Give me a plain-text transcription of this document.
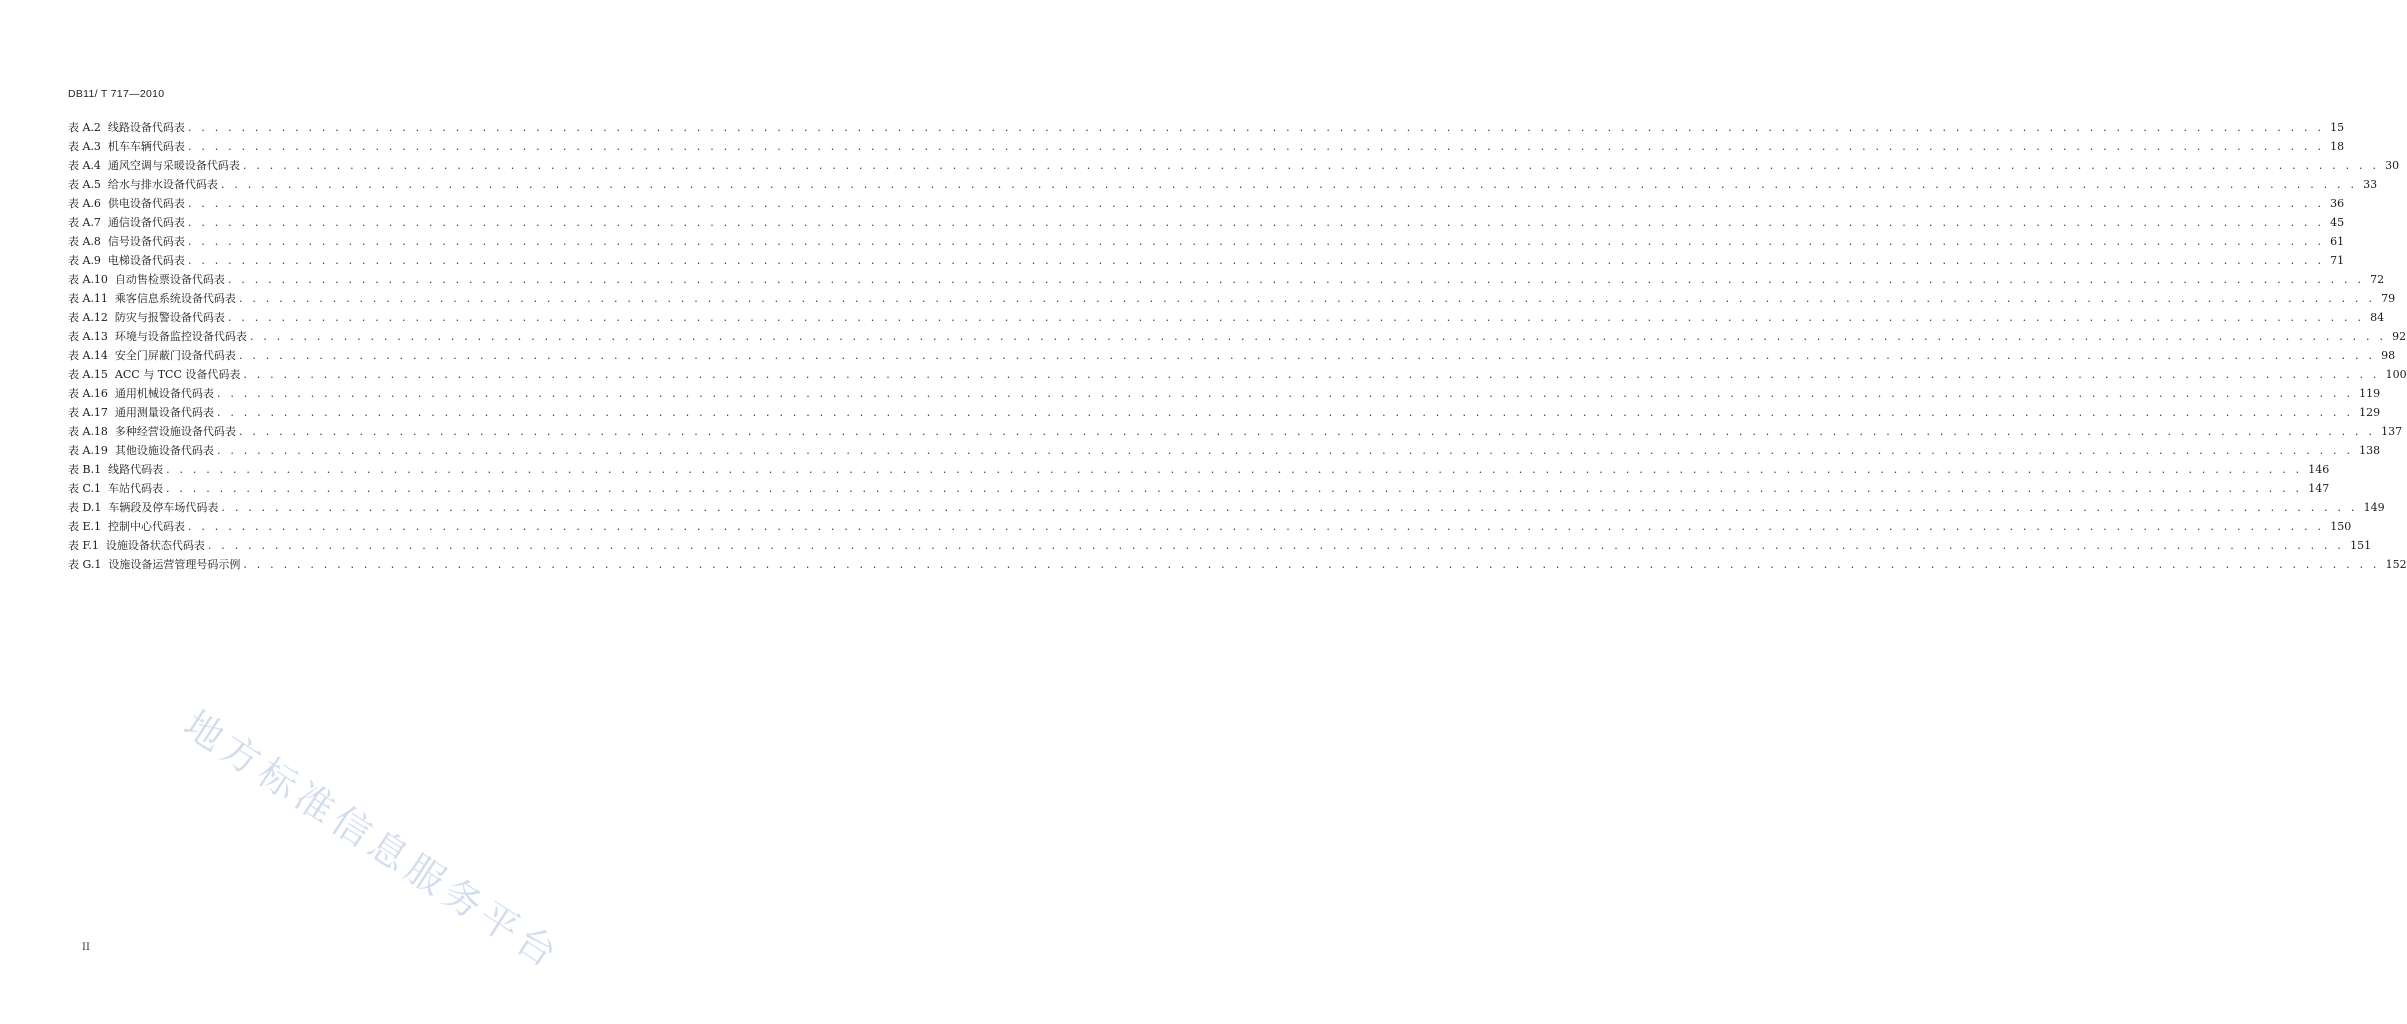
DB11/ T 717—2010
表 A.2  线路设备代码表 . . . . . . . . . . . . . . . . . . . . . . . . . . . . . . . . . . . . . . . . . . . . . . . . . . . . . . . . . . . . . . . . . . . . . . . . . . . . . . . . . . . . . . . . . . . . . . . . . . . . . . . . . . . . . . . . . . . . . . . . . . . . . . . . . . . . . . . . . . . . . . . . . . . . . . . . . . . . . . . . 15
表 A.3  机车车辆代码表 . . . . . . . . . . . . . . . . . . . . . . . . . . . . . . . . . . . . . . . . . . . . . . . . . . . . . . . . . . . . . . . . . . . . . . . . . . . . . . . . . . . . . . . . . . . . . . . . . . . . . . . . . . . . . . . . . . . . . . . . . . . . . . . . . . . . . . . . . . . . . . . . . . . . . . . . . . . . . . . . 18
表 A.4  通风空调与采暖设备代码表 . . . . . . . . . . . . . . . . . . . . . . . . . . . . . . . . . . . . . . . . . . . . . . . . . . . . . . . . . . . . . . . . . . . . . . . . . . . . . . . . . . . . . . . . . . . . . . . . . . . . . . . . . . . . . . . . . . . . . . . . . . . . . . . . . . . . . . . . . . . . . . . . . . . . . . . . . . . . . . . . 30
表 A.5  给水与排水设备代码表 . . . . . . . . . . . . . . . . . . . . . . . . . . . . . . . . . . . . . . . . . . . . . . . . . . . . . . . . . . . . . . . . . . . . . . . . . . . . . . . . . . . . . . . . . . . . . . . . . . . . . . . . . . . . . . . . . . . . . . . . . . . . . . . . . . . . . . . . . . . . . . . . . . . . . . . . . . . . . . . . 33
表 A.6  供电设备代码表 . . . . . . . . . . . . . . . . . . . . . . . . . . . . . . . . . . . . . . . . . . . . . . . . . . . . . . . . . . . . . . . . . . . . . . . . . . . . . . . . . . . . . . . . . . . . . . . . . . . . . . . . . . . . . . . . . . . . . . . . . . . . . . . . . . . . . . . . . . . . . . . . . . . . . . . . . . . . . . . . 36
表 A.7  通信设备代码表 . . . . . . . . . . . . . . . . . . . . . . . . . . . . . . . . . . . . . . . . . . . . . . . . . . . . . . . . . . . . . . . . . . . . . . . . . . . . . . . . . . . . . . . . . . . . . . . . . . . . . . . . . . . . . . . . . . . . . . . . . . . . . . . . . . . . . . . . . . . . . . . . . . . . . . . . . . . . . . . . 45
表 A.8  信号设备代码表 . . . . . . . . . . . . . . . . . . . . . . . . . . . . . . . . . . . . . . . . . . . . . . . . . . . . . . . . . . . . . . . . . . . . . . . . . . . . . . . . . . . . . . . . . . . . . . . . . . . . . . . . . . . . . . . . . . . . . . . . . . . . . . . . . . . . . . . . . . . . . . . . . . . . . . . . . . . . . . . . 61
表 A.9  电梯设备代码表 . . . . . . . . . . . . . . . . . . . . . . . . . . . . . . . . . . . . . . . . . . . . . . . . . . . . . . . . . . . . . . . . . . . . . . . . . . . . . . . . . . . . . . . . . . . . . . . . . . . . . . . . . . . . . . . . . . . . . . . . . . . . . . . . . . . . . . . . . . . . . . . . . . . . . . . . . . . . . . . . 71
表 A.10  自动售检票设备代码表 . . . . . . . . . . . . . . . . . . . . . . . . . . . . . . . . . . . . . . . . . . . . . . . . . . . . . . . . . . . . . . . . . . . . . . . . . . . . . . . . . . . . . . . . . . . . . . . . . . . . . . . . . . . . . . . . . . . . . . . . . . . . . . . . . . . . . . . . . . . . . . . . . . . . . . . . . . . . . . . . 72
表 A.11  乘客信息系统设备代码表 . . . . . . . . . . . . . . . . . . . . . . . . . . . . . . . . . . . . . . . . . . . . . . . . . . . . . . . . . . . . . . . . . . . . . . . . . . . . . . . . . . . . . . . . . . . . . . . . . . . . . . . . . . . . . . . . . . . . . . . . . . . . . . . . . . . . . . . . . . . . . . . . . . . . . . . . . . . . . . . . 79
表 A.12  防灾与报警设备代码表 . . . . . . . . . . . . . . . . . . . . . . . . . . . . . . . . . . . . . . . . . . . . . . . . . . . . . . . . . . . . . . . . . . . . . . . . . . . . . . . . . . . . . . . . . . . . . . . . . . . . . . . . . . . . . . . . . . . . . . . . . . . . . . . . . . . . . . . . . . . . . . . . . . . . . . . . . . . . . . . . 84
表 A.13  环境与设备监控设备代码表 . . . . . . . . . . . . . . . . . . . . . . . . . . . . . . . . . . . . . . . . . . . . . . . . . . . . . . . . . . . . . . . . . . . . . . . . . . . . . . . . . . . . . . . . . . . . . . . . . . . . . . . . . . . . . . . . . . . . . . . . . . . . . . . . . . . . . . . . . . . . . . . . . . . . . . . . . . . . . . . . 92
表 A.14  安全门屏蔽门设备代码表 . . . . . . . . . . . . . . . . . . . . . . . . . . . . . . . . . . . . . . . . . . . . . . . . . . . . . . . . . . . . . . . . . . . . . . . . . . . . . . . . . . . . . . . . . . . . . . . . . . . . . . . . . . . . . . . . . . . . . . . . . . . . . . . . . . . . . . . . . . . . . . . . . . . . . . . . . . . . . . . . 98
表 A.15  ACC 与 TCC 设备代码表 . . . . . . . . . . . . . . . . . . . . . . . . . . . . . . . . . . . . . . . . . . . . . . . . . . . . . . . . . . . . . . . . . . . . . . . . . . . . . . . . . . . . . . . . . . . . . . . . . . . . . . . . . . . . . . . . . . . . . . . . . . . . . . . . . . . . . . . . . . . . . . . . . . . . . . . . . . . . . . . . 100
表 A.16  通用机械设备代码表 . . . . . . . . . . . . . . . . . . . . . . . . . . . . . . . . . . . . . . . . . . . . . . . . . . . . . . . . . . . . . . . . . . . . . . . . . . . . . . . . . . . . . . . . . . . . . . . . . . . . . . . . . . . . . . . . . . . . . . . . . . . . . . . . . . . . . . . . . . . . . . . . . . . . . . . . . . . . . . . . 119
表 A.17  通用测量设备代码表 . . . . . . . . . . . . . . . . . . . . . . . . . . . . . . . . . . . . . . . . . . . . . . . . . . . . . . . . . . . . . . . . . . . . . . . . . . . . . . . . . . . . . . . . . . . . . . . . . . . . . . . . . . . . . . . . . . . . . . . . . . . . . . . . . . . . . . . . . . . . . . . . . . . . . . . . . . . . . . . . 129
表 A.18  多种经营设施设备代码表 . . . . . . . . . . . . . . . . . . . . . . . . . . . . . . . . . . . . . . . . . . . . . . . . . . . . . . . . . . . . . . . . . . . . . . . . . . . . . . . . . . . . . . . . . . . . . . . . . . . . . . . . . . . . . . . . . . . . . . . . . . . . . . . . . . . . . . . . . . . . . . . . . . . . . . . . . . . . . . . . 137
表 A.19  其他设施设备代码表 . . . . . . . . . . . . . . . . . . . . . . . . . . . . . . . . . . . . . . . . . . . . . . . . . . . . . . . . . . . . . . . . . . . . . . . . . . . . . . . . . . . . . . . . . . . . . . . . . . . . . . . . . . . . . . . . . . . . . . . . . . . . . . . . . . . . . . . . . . . . . . . . . . . . . . . . . . . . . . . . 138
表 B.1  线路代码表 . . . . . . . . . . . . . . . . . . . . . . . . . . . . . . . . . . . . . . . . . . . . . . . . . . . . . . . . . . . . . . . . . . . . . . . . . . . . . . . . . . . . . . . . . . . . . . . . . . . . . . . . . . . . . . . . . . . . . . . . . . . . . . . . . . . . . . . . . . . . . . . . . . . . . . . . . . . . . . . . 146
表 C.1  车站代码表 . . . . . . . . . . . . . . . . . . . . . . . . . . . . . . . . . . . . . . . . . . . . . . . . . . . . . . . . . . . . . . . . . . . . . . . . . . . . . . . . . . . . . . . . . . . . . . . . . . . . . . . . . . . . . . . . . . . . . . . . . . . . . . . . . . . . . . . . . . . . . . . . . . . . . . . . . . . . . . . . 147
表 D.1  车辆段及停车场代码表 . . . . . . . . . . . . . . . . . . . . . . . . . . . . . . . . . . . . . . . . . . . . . . . . . . . . . . . . . . . . . . . . . . . . . . . . . . . . . . . . . . . . . . . . . . . . . . . . . . . . . . . . . . . . . . . . . . . . . . . . . . . . . . . . . . . . . . . . . . . . . . . . . . . . . . . . . . . . . . . . 149
表 E.1  控制中心代码表 . . . . . . . . . . . . . . . . . . . . . . . . . . . . . . . . . . . . . . . . . . . . . . . . . . . . . . . . . . . . . . . . . . . . . . . . . . . . . . . . . . . . . . . . . . . . . . . . . . . . . . . . . . . . . . . . . . . . . . . . . . . . . . . . . . . . . . . . . . . . . . . . . . . . . . . . . . . . . . . . 150
表 F.1  设施设备状态代码表 . . . . . . . . . . . . . . . . . . . . . . . . . . . . . . . . . . . . . . . . . . . . . . . . . . . . . . . . . . . . . . . . . . . . . . . . . . . . . . . . . . . . . . . . . . . . . . . . . . . . . . . . . . . . . . . . . . . . . . . . . . . . . . . . . . . . . . . . . . . . . . . . . . . . . . . . . . . . . . . . 151
表 G.1  设施设备运营管理号码示例 . . . . . . . . . . . . . . . . . . . . . . . . . . . . . . . . . . . . . . . . . . . . . . . . . . . . . . . . . . . . . . . . . . . . . . . . . . . . . . . . . . . . . . . . . . . . . . . . . . . . . . . . . . . . . . . . . . . . . . . . . . . . . . . . . . . . . . . . . . . . . . . . . . . . . . . . . . . . . . . . 152
地方标准信息服务平台
II
